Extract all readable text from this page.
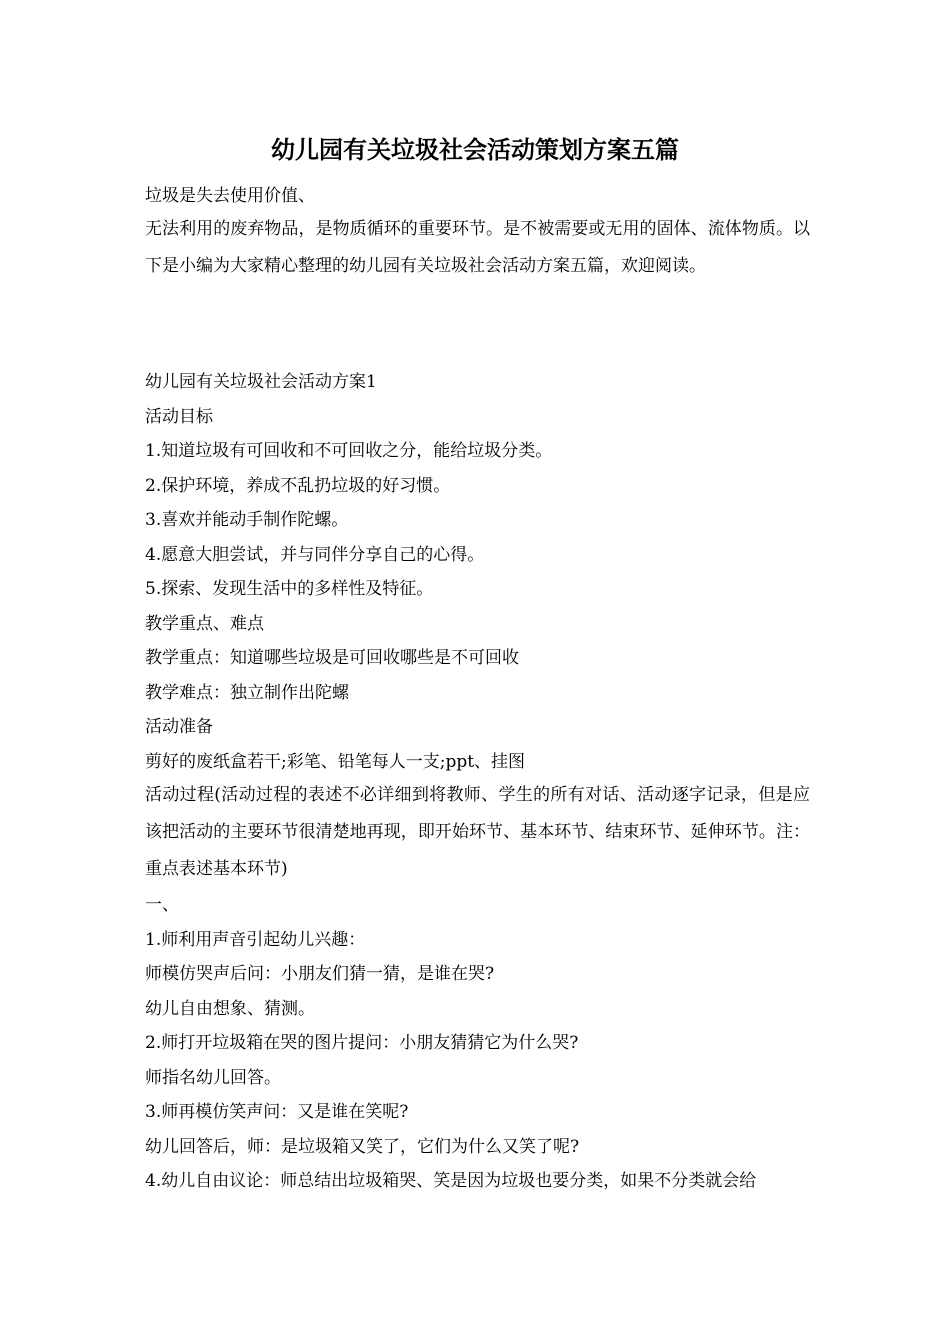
幼儿园有关垃圾社会活动策划方案五篇
垃圾是失去使用价值、
无法利用的废弃物品，是物质循环的重要环节。是不被需要或无用的固体、流体物质。以下是小编为大家精心整理的幼儿园有关垃圾社会活动方案五篇，欢迎阅读。
幼儿园有关垃圾社会活动方案1
活动目标
1.知道垃圾有可回收和不可回收之分，能给垃圾分类。
2.保护环境，养成不乱扔垃圾的好习惯。
3.喜欢并能动手制作陀螺。
4.愿意大胆尝试，并与同伴分享自己的心得。
5.探索、发现生活中的多样性及特征。
教学重点、难点
教学重点：知道哪些垃圾是可回收哪些是不可回收
教学难点：独立制作出陀螺
活动准备
剪好的废纸盒若干;彩笔、铅笔每人一支;ppt、挂图
活动过程(活动过程的表述不必详细到将教师、学生的所有对话、活动逐字记录，但是应该把活动的主要环节很清楚地再现，即开始环节、基本环节、结束环节、延伸环节。注：重点表述基本环节)
一、
1.师利用声音引起幼儿兴趣：
师模仿哭声后问：小朋友们猜一猜，是谁在哭?
幼儿自由想象、猜测。
2.师打开垃圾箱在哭的图片提问：小朋友猜猜它为什么哭?
师指名幼儿回答。
3.师再模仿笑声问：又是谁在笑呢?
幼儿回答后，师：是垃圾箱又笑了，它们为什么又笑了呢?
4.幼儿自由议论：师总结出垃圾箱哭、笑是因为垃圾也要分类，如果不分类就会给
